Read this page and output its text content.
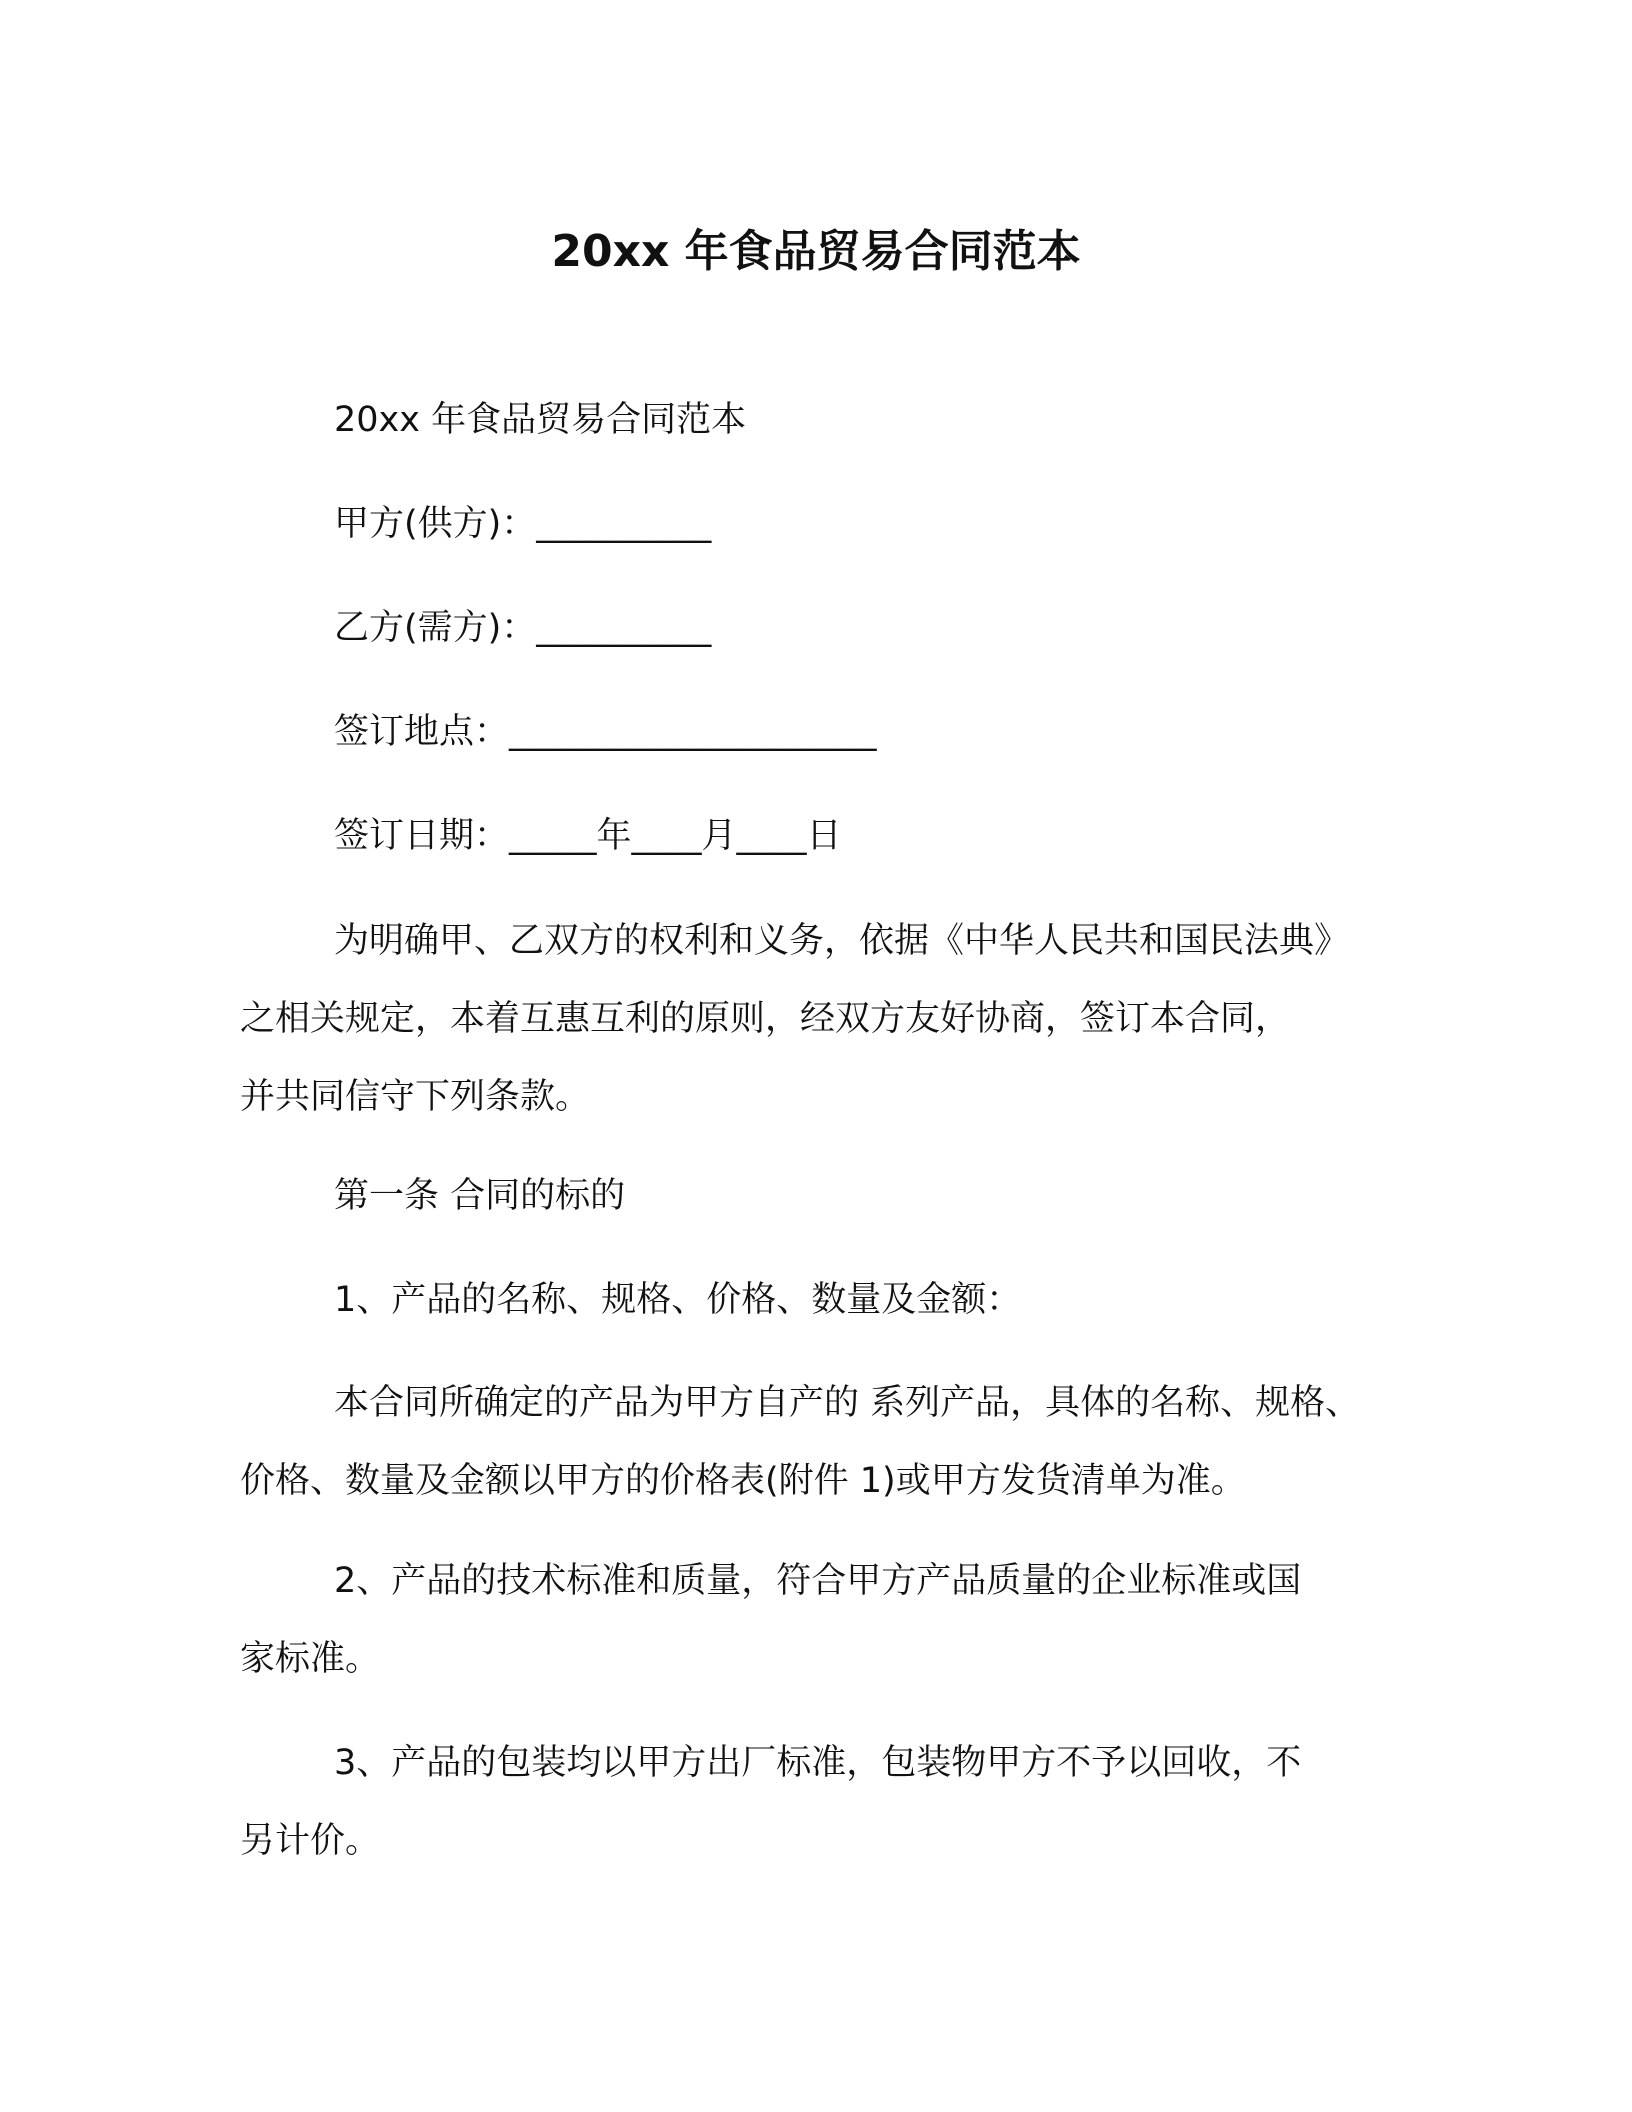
20xx 年食品贸易合同范本
20xx 年食品贸易合同范本
甲方(供方)：__________
乙方(需方)：__________
签订地点：_____________________
签订日期：_____年____月____日
为明确甲、乙双方的权利和义务，依据《中华人民共和国民法典》
之相关规定，本着互惠互利的原则，经双方友好协商，签订本合同，
并共同信守下列条款。
第一条 合同的标的
1、产品的名称、规格、价格、数量及金额：
本合同所确定的产品为甲方自产的 系列产品，具体的名称、规格、
价格、数量及金额以甲方的价格表(附件 1)或甲方发货清单为准。
2、产品的技术标准和质量，符合甲方产品质量的企业标准或国
家标准。
3、产品的包装均以甲方出厂标准，包装物甲方不予以回收，不
另计价。
